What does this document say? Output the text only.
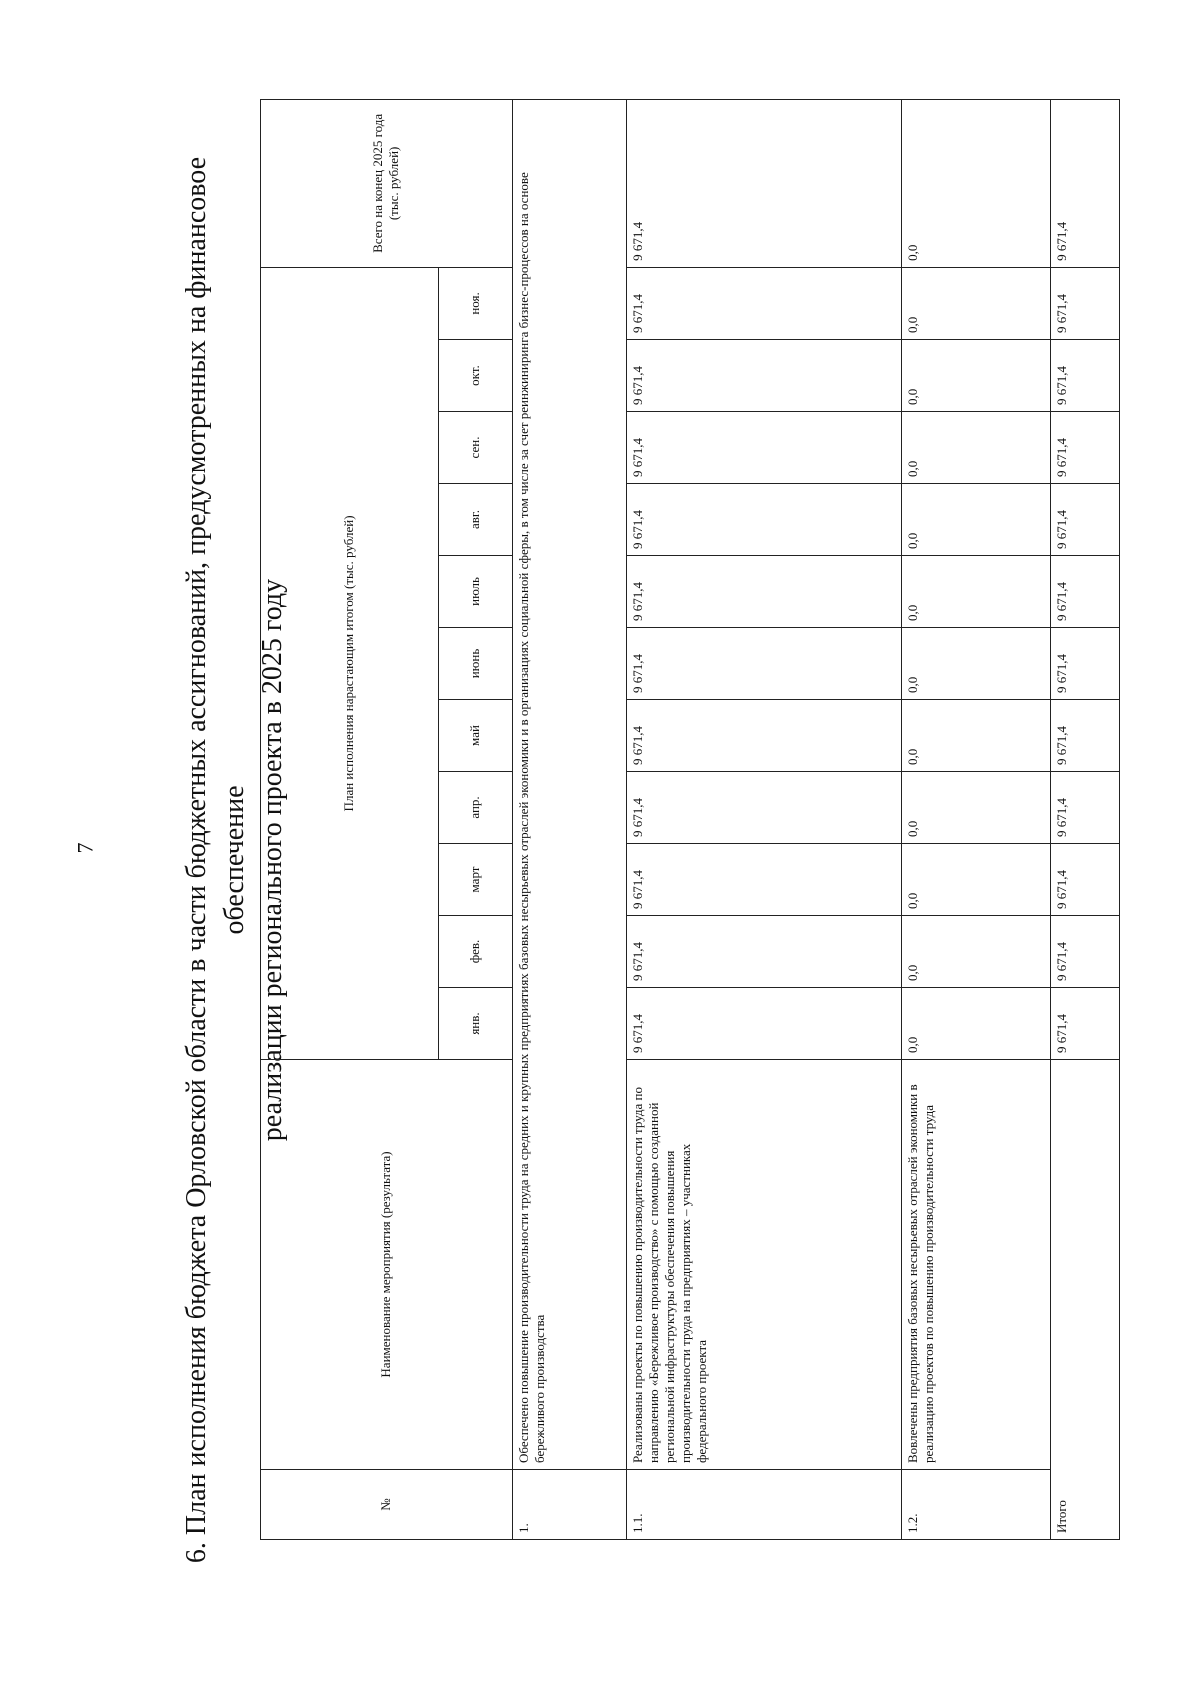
7	6. План исполнения бюджета Орловской области в части бюджетных ассигнований, предусмотренных на финансовое обеспечение реализации регионального проекта в 2025 году
№	Наименование мероприятия (результата)	План исполнения нарастающим итогом (тыс. рублей)											Всего на конец 2025 года (тыс. рублей)
		янв.	фев.	март	апр.	май	июнь	июль	авг.	сен.	окт.	ноя.	
1.	Обеспечено повышение производительности труда на средних и крупных предприятиях базовых несырьевых отраслей экономики и в организациях социальной сферы, в том числе за счет реинжиниринга бизнес-процессов на основе бережливого производства												
1.1.	Реализованы проекты по повышению производительности труда по направлению «Бережливое производство» с помощью созданной региональной инфраструктуры обеспечения повышения производительности труда на предприятиях – участниках федерального проекта	9 671,4	9 671,4	9 671,4	9 671,4	9 671,4	9 671,4	9 671,4	9 671,4	9 671,4	9 671,4	9 671,4	9 671,4
1.2.	Вовлечены предприятия базовых несырьевых отраслей экономики в реализацию проектов по повышению производительности труда	0,0	0,0	0,0	0,0	0,0	0,0	0,0	0,0	0,0	0,0	0,0	0,0
Итого		9 671,4	9 671,4	9 671,4	9 671,4	9 671,4	9 671,4	9 671,4	9 671,4	9 671,4	9 671,4	9 671,4	9 671,4
